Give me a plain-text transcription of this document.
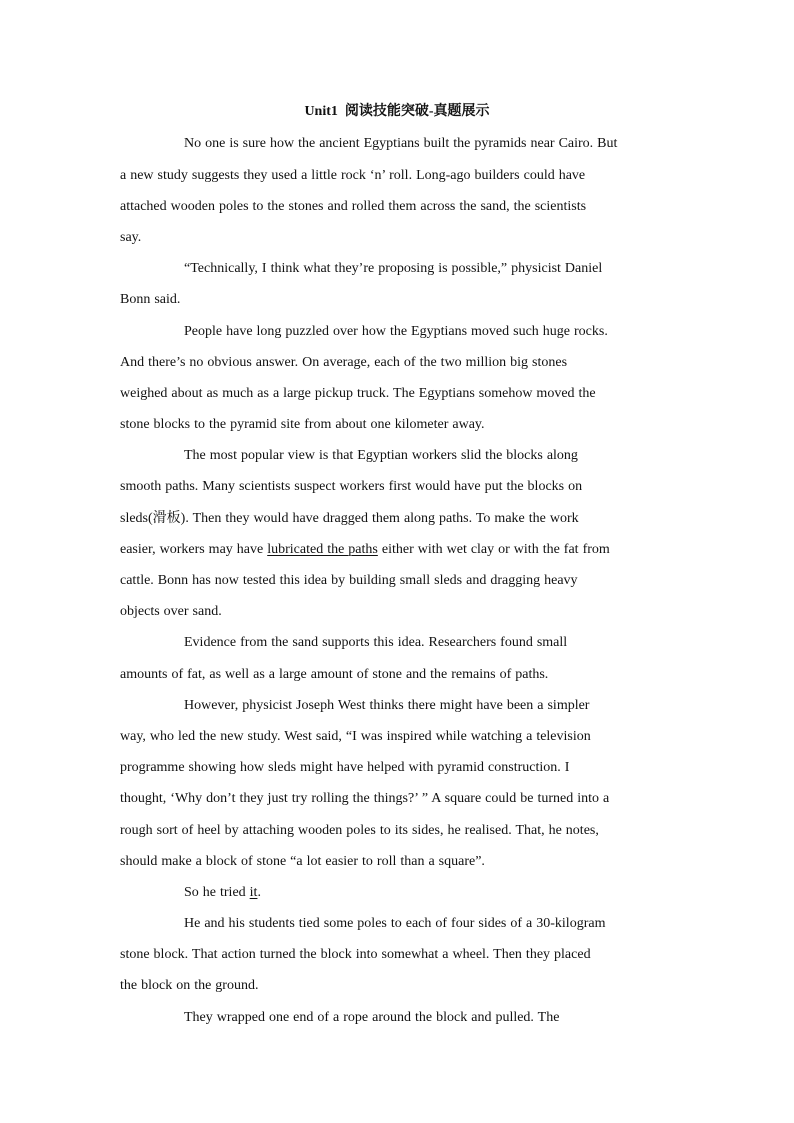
Unit1  阅读技能突破-真题展示
No one is sure how the ancient Egyptians built the pyramids near Cairo. But
a new study suggests they used a little rock ‘n’ roll. Long-ago builders could have
attached wooden poles to the stones and rolled them across the sand, the scientists
say.
“Technically, I think what they’re proposing is possible,” physicist Daniel
Bonn said.
People have long puzzled over how the Egyptians moved such huge rocks.
And there’s no obvious answer. On average, each of the two million big stones
weighed about as much as a large pickup truck. The Egyptians somehow moved the
stone blocks to the pyramid site from about one kilometer away.
The most popular view is that Egyptian workers slid the blocks along
smooth paths. Many scientists suspect workers first would have put the blocks on
sleds(滑板). Then they would have dragged them along paths. To make the work
easier, workers may have lubricated the paths either with wet clay or with the fat from
cattle. Bonn has now tested this idea by building small sleds and dragging heavy
objects over sand.
Evidence from the sand supports this idea. Researchers found small
amounts of fat, as well as a large amount of stone and the remains of paths.
However, physicist Joseph West thinks there might have been a simpler
way, who led the new study. West said, “I was inspired while watching a television
programme showing how sleds might have helped with pyramid construction. I
thought, ‘Why don’t they just try rolling the things?’ ” A square could be turned into a
rough sort of heel by attaching wooden poles to its sides, he realised. That, he notes,
should make a block of stone “a lot easier to roll than a square”.
So he tried it.
He and his students tied some poles to each of four sides of a 30-kilogram
stone block. That action turned the block into somewhat a wheel. Then they placed
the block on the ground.
They wrapped one end of a rope around the block and pulled. The
